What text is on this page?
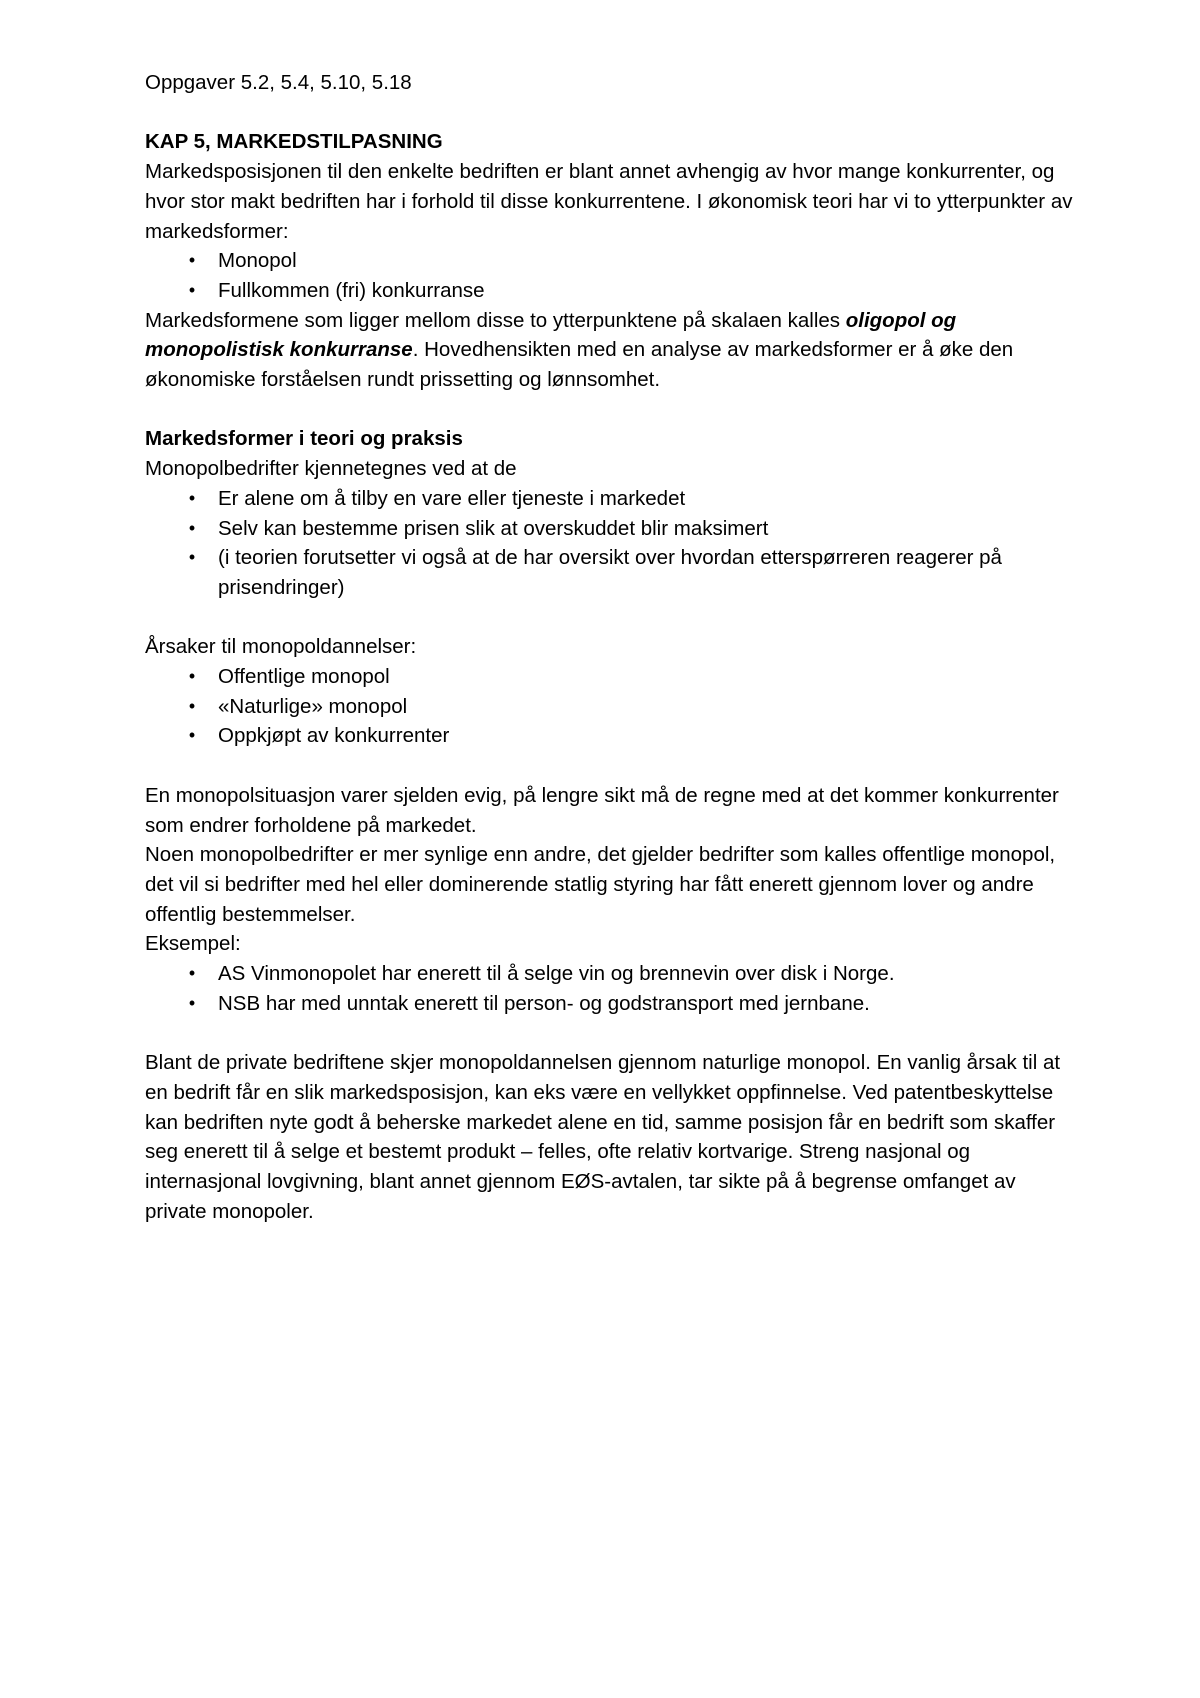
Oppgaver 5.2, 5.4, 5.10, 5.18

KAP 5, MARKEDSTILPASNING

Markedsposisjonen til den enkelte bedriften er blant annet avhengig av hvor mange konkurrenter, og hvor stor makt bedriften har i forhold til disse konkurrentene. I økonomisk teori har vi to ytterpunkter av markedsformer:

•	Monopol
•	Fullkommen (fri) konkurranse

Markedsformene som ligger mellom disse to ytterpunktene på skalaen kalles oligopol og monopolistisk konkurranse. Hovedhensikten med en analyse av markedsformer er å øke den økonomiske forståelsen rundt prissetting og lønnsomhet.

Markedsformer i teori og praksis

Monopolbedrifter kjennetegnes ved at de

•	Er alene om å tilby en vare eller tjeneste i markedet
•	Selv kan bestemme prisen slik at overskuddet blir maksimert
•	(i teorien forutsetter vi også at de har oversikt over hvordan etterspørreren reagerer på prisendringer)

Årsaker til monopoldannelser:

•	Offentlige monopol
•	«Naturlige» monopol
•	Oppkjøpt av konkurrenter

En monopolsituasjon varer sjelden evig, på lengre sikt må de regne med at det kommer konkurrenter som endrer forholdene på markedet.

Noen monopolbedrifter er mer synlige enn andre, det gjelder bedrifter som kalles offentlige monopol, det vil si bedrifter med hel eller dominerende statlig styring har fått enerett gjennom lover og andre offentlig bestemmelser.

Eksempel:

•	AS Vinmonopolet har enerett til å selge vin og brennevin over disk i Norge.
•	NSB har med unntak enerett til person- og godstransport med jernbane.

Blant de private bedriftene skjer monopoldannelsen gjennom naturlige monopol. En vanlig årsak til at en bedrift får en slik markedsposisjon, kan eks være en vellykket oppfinnelse. Ved patentbeskyttelse kan bedriften nyte godt å beherske markedet alene en tid, samme posisjon får en bedrift som skaffer seg enerett til å selge et bestemt produkt – felles, ofte relativ kortvarige. Streng nasjonal og internasjonal lovgivning, blant annet gjennom EØS-avtalen, tar sikte på å begrense omfanget av private monopoler.
